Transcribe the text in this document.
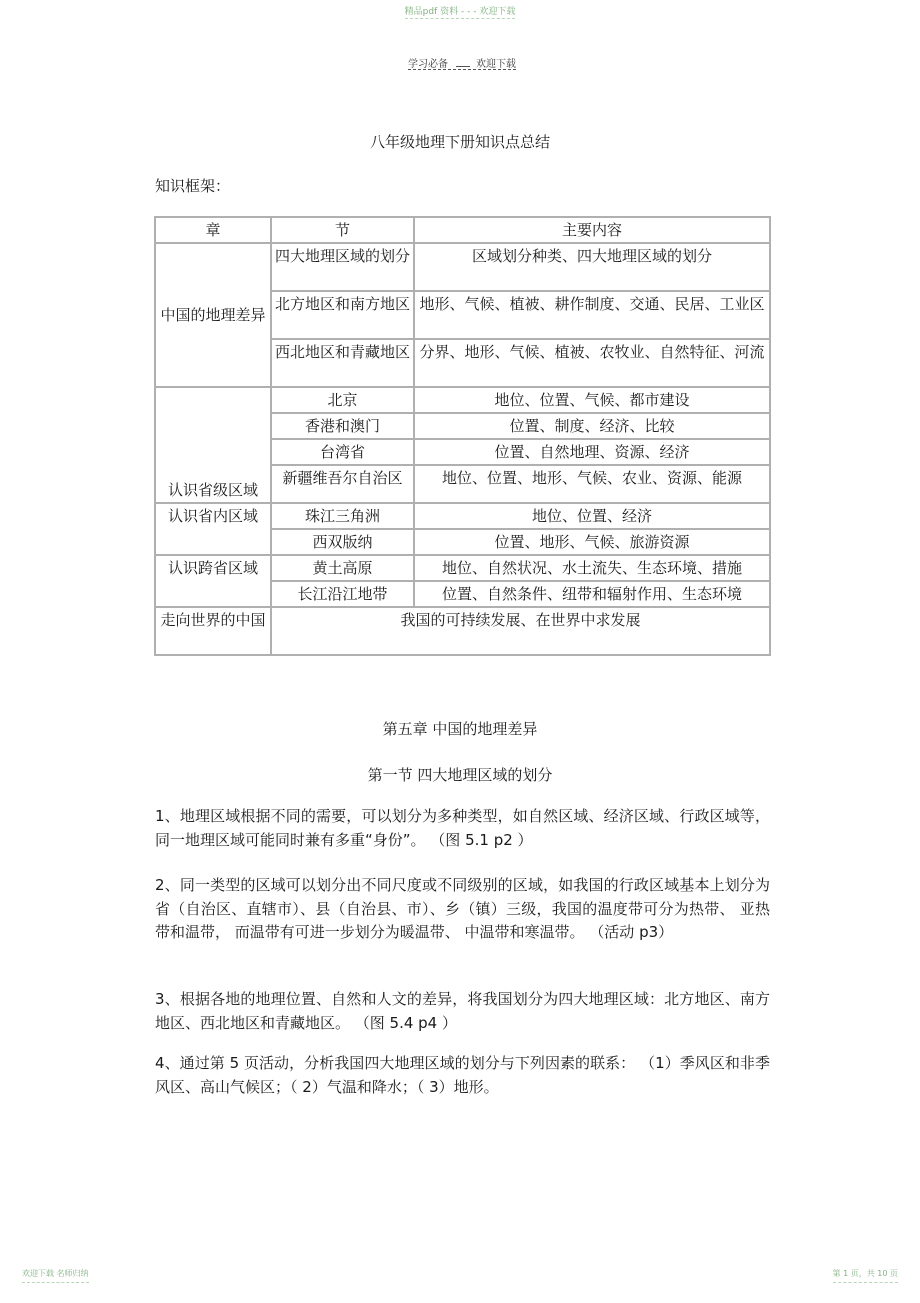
精品pdf 资料 - - - 欢迎下载
学习必备	欢迎下载
八年级地理下册知识点总结
知识框架：
章	节	主要内容
中国的地理差异	四大地理区域的划分	区域划分种类、四大地理区域的划分
	北方地区和南方地区	地形、气候、植被、耕作制度、交通、民居、工业区
	西北地区和青藏地区	分界、地形、气候、植被、农牧业、自然特征、河流
认识省级区域	北京	地位、位置、气候、都市建设
	香港和澳门	位置、制度、经济、比较
	台湾省	位置、自然地理、资源、经济
	新疆维吾尔自治区	地位、位置、地形、气候、农业、资源、能源
认识省内区域	珠江三角洲	地位、位置、经济
	西双版纳	位置、地形、气候、旅游资源
认识跨省区域	黄土高原	地位、自然状况、水土流失、生态环境、措施
	长江沿江地带	位置、自然条件、纽带和辐射作用、生态环境
走向世界的中国	我国的可持续发展、在世界中求发展	
第五章 中国的地理差异
第一节 四大地理区域的划分
1、地理区域根据不同的需要，可以划分为多种类型，如自然区域、经济区域、行政区域等，同一地理区域可能同时兼有多重“身份”。 （图 5.1 p2 ）
2、同一类型的区域可以划分出不同尺度或不同级别的区域，如我国的行政区域基本上划分为省（自治区、直辖市）、县（自治县、市）、乡（镇）三级，我国的温度带可分为热带、 亚热带和温带， 而温带有可进一步划分为暖温带、 中温带和寒温带。 （活动 p3）
3、根据各地的地理位置、自然和人文的差异，将我国划分为四大地理区域：北方地区、南方地区、西北地区和青藏地区。 （图 5.4 p4 ）
4、通过第 5 页活动，分析我国四大地理区域的划分与下列因素的联系： （1）季风区和非季风区、高山气候区；（ 2）气温和降水；（ 3）地形。
欢迎下载 名师归纳	第 1 页，共 10 页
